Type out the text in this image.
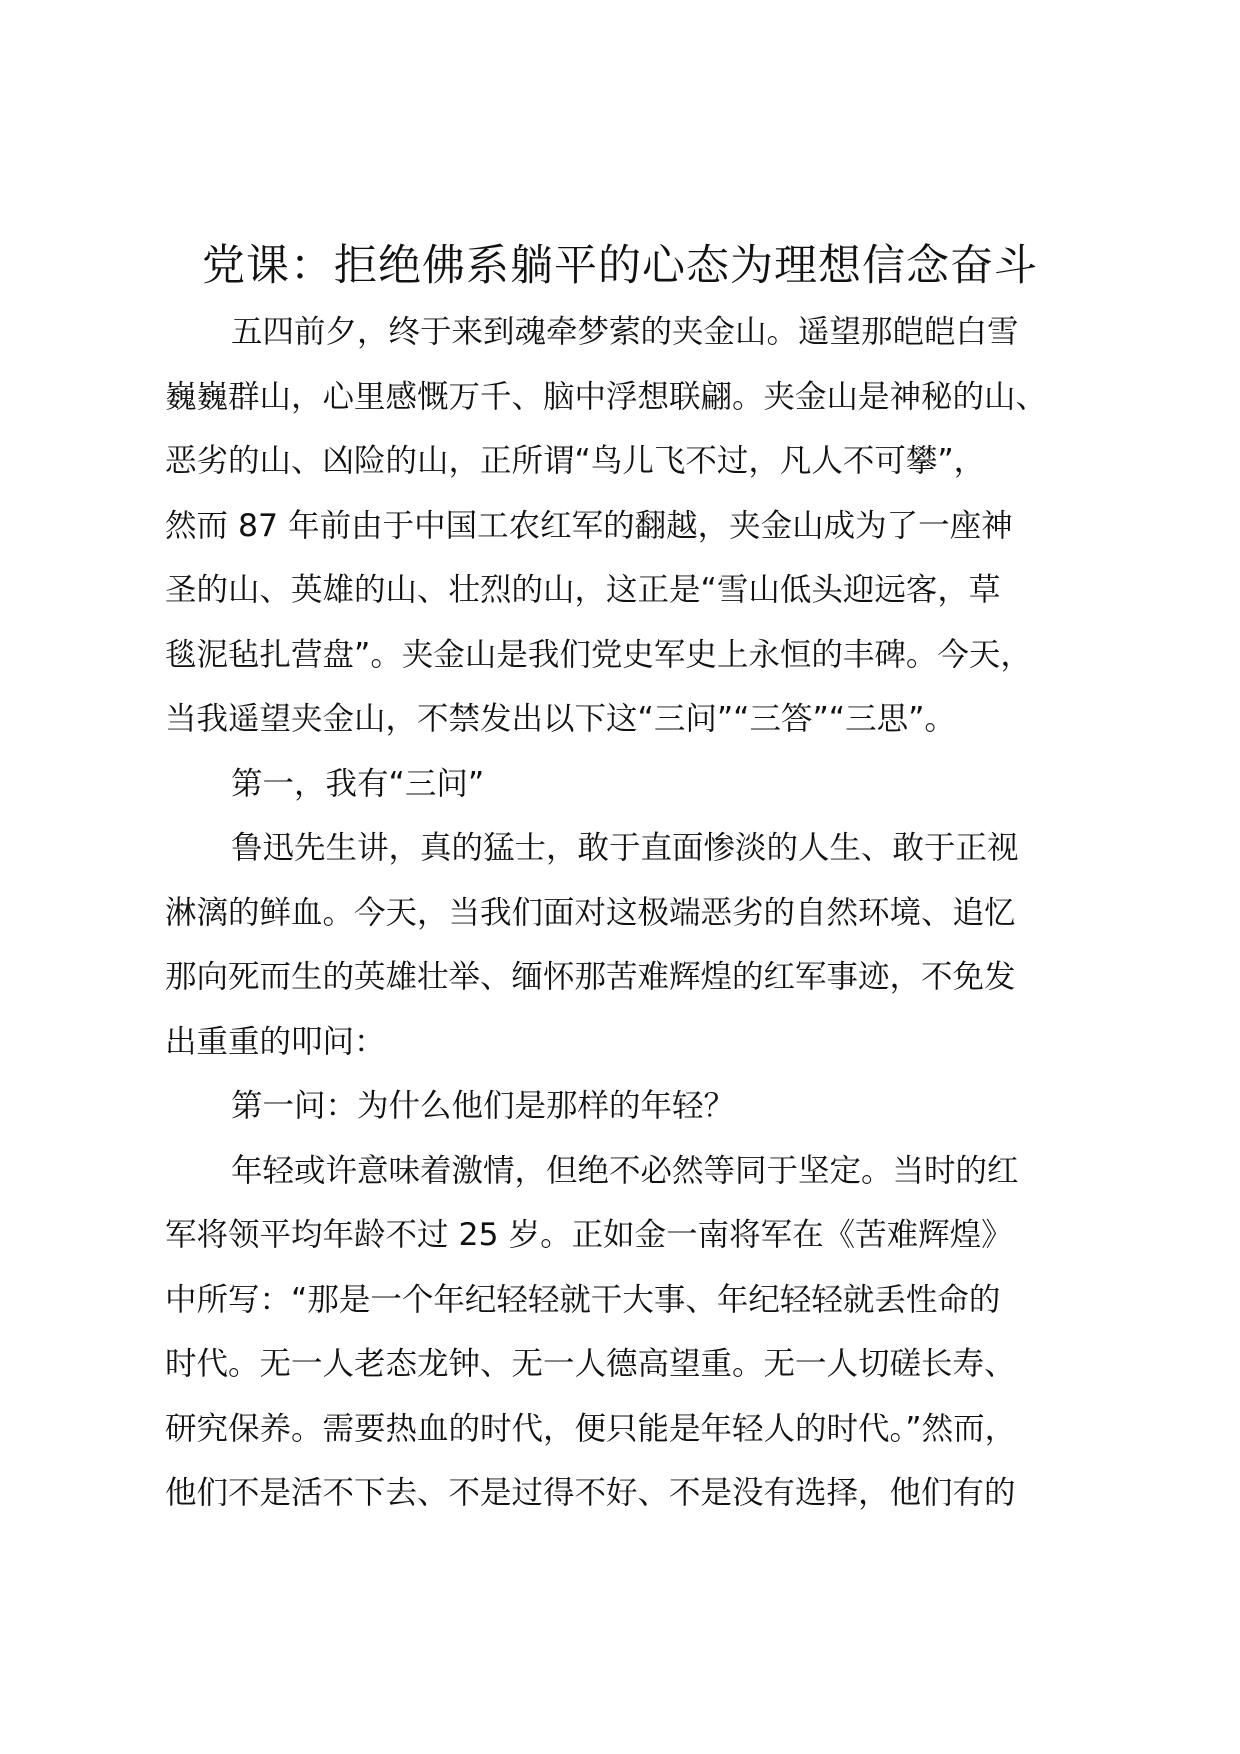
党课：拒绝佛系躺平的心态为理想信念奋斗

五四前夕，终于来到魂牵梦萦的夹金山。遥望那皑皑白雪
巍巍群山，心里感慨万千、脑中浮想联翩。夹金山是神秘的山、
恶劣的山、凶险的山，正所谓“鸟儿飞不过，凡人不可攀”，
然而 87 年前由于中国工农红军的翻越，夹金山成为了一座神
圣的山、英雄的山、壮烈的山，这正是“雪山低头迎远客，草
毯泥毡扎营盘”。夹金山是我们党史军史上永恒的丰碑。今天，
当我遥望夹金山，不禁发出以下这“三问”“三答”“三思”。

第一，我有“三问”

鲁迅先生讲，真的猛士，敢于直面惨淡的人生、敢于正视
淋漓的鲜血。今天，当我们面对这极端恶劣的自然环境、追忆
那向死而生的英雄壮举、缅怀那苦难辉煌的红军事迹，不免发
出重重的叩问：

第一问：为什么他们是那样的年轻？

年轻或许意味着激情，但绝不必然等同于坚定。当时的红
军将领平均年龄不过 25 岁。正如金一南将军在《苦难辉煌》
中所写：“那是一个年纪轻轻就干大事、年纪轻轻就丢性命的
时代。无一人老态龙钟、无一人德高望重。无一人切磋长寿、
研究保养。需要热血的时代，便只能是年轻人的时代。”然而，
他们不是活不下去、不是过得不好、不是没有选择，他们有的
